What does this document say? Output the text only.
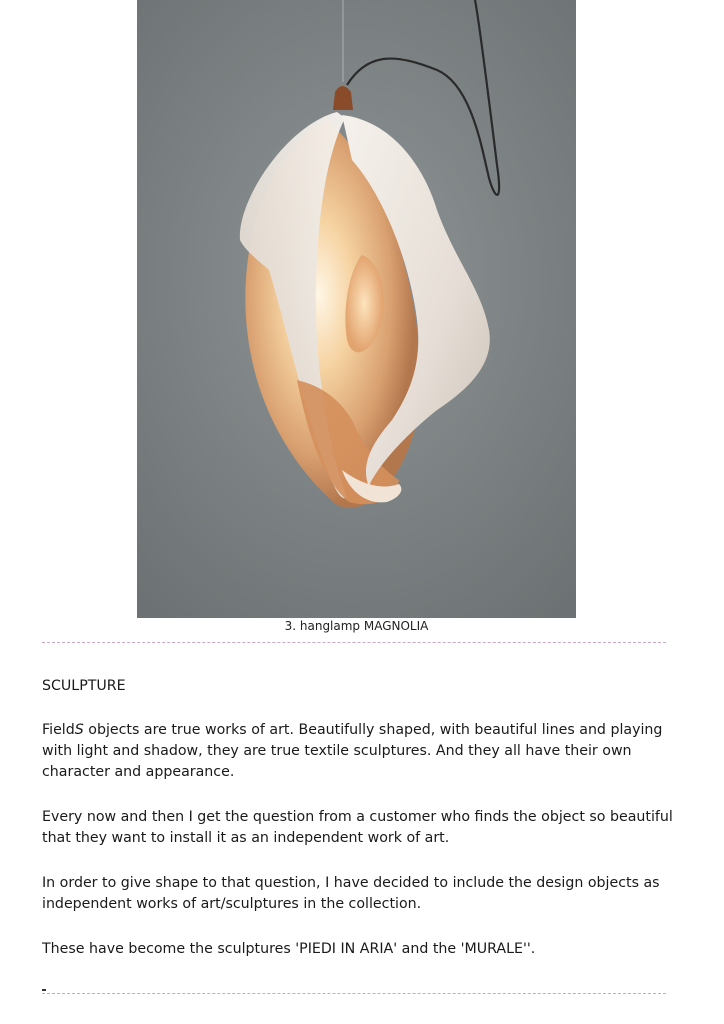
3. hanglamp MAGNOLIA

SCULPTURE

FieldS objects are true works of art. Beautifully shaped, with beautiful lines and playing with light and shadow, they are true textile sculptures. And they all have their own character and appearance.

Every now and then I get the question from a customer who finds the object so beautiful that they want to install it as an independent work of art.

In order to give shape to that question, I have decided to include the design objects as independent works of art/sculptures in the collection.

These have become the sculptures 'PIEDI IN ARIA' and the 'MURALE''.
